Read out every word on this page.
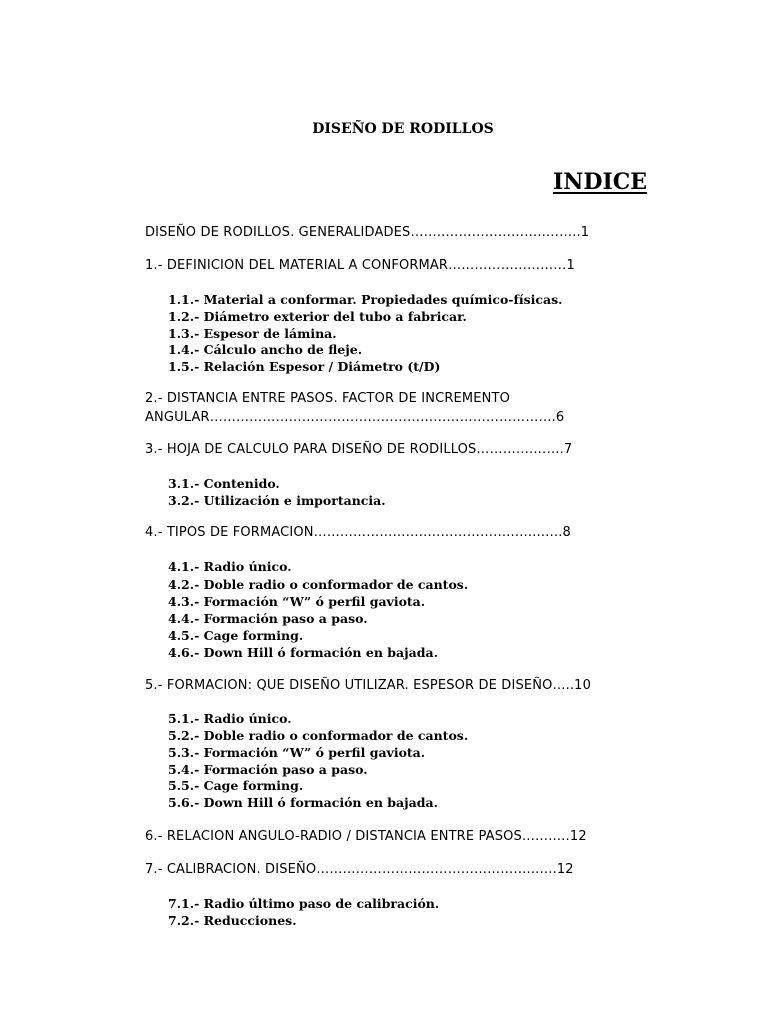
DISEÑO DE RODILLOS
INDICE
DISEÑO DE RODILLOS. GENERALIDADES………..………………..……..1
1.- DEFINICION DEL MATERIAL A CONFORMAR………………………1
1.1.- Material a conformar. Propiedades químico-físicas.
1.2.- Diámetro exterior del tubo a fabricar.
1.3.- Espesor de lámina.
1.4.- Cálculo ancho de fleje.
1.5.- Relación Espesor / Diámetro (t/D)
2.- DISTANCIA ENTRE PASOS. FACTOR DE INCREMENTO
ANGULAR…………………………………………………………………….6
3.- HOJA DE CALCULO PARA DISEÑO DE RODILLOS………….…….7
3.1.- Contenido.
3.2.- Utilización e importancia.
4.- TIPOS DE FORMACION……………………..………………...…...….8
4.1.- Radio único.
4.2.- Doble radio o conformador de cantos.
4.3.- Formación “W” ó perfil gaviota.
4.4.- Formación paso a paso.
4.5.- Cage forming.
4.6.- Down Hill ó formación en bajada.
5.- FORMACION: QUE DISEÑO UTILIZAR. ESPESOR DE DISEÑO…..10
5.1.- Radio único.
5.2.- Doble radio o conformador de cantos.
5.3.- Formación “W” ó perfil gaviota.
5.4.- Formación paso a paso.
5.5.- Cage forming.
5.6.- Down Hill ó formación en bajada.
6.- RELACION ANGULO-RADIO / DISTANCIA ENTRE PASOS……..…12
7.- CALIBRACION. DISEÑO……………………………………….…..….12
7.1.- Radio último paso de calibración.
7.2.- Reducciones.
